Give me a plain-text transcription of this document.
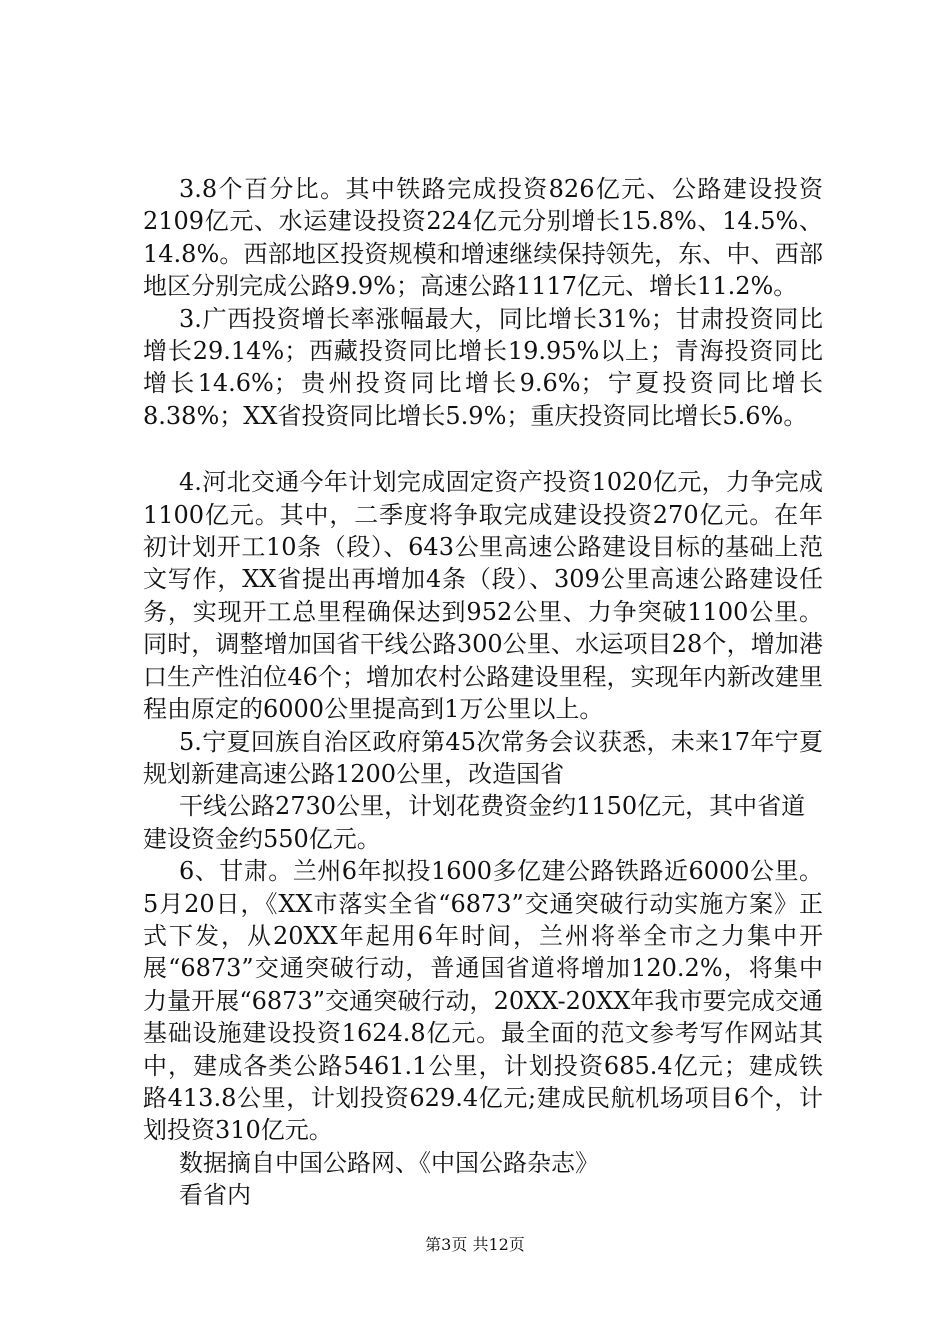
3.8个百分比。其中铁路完成投资826亿元、公路建设投资2109亿元、水运建设投资224亿元分别增长15.8%、14.5%、14.8%。西部地区投资规模和增速继续保持领先，东、中、西部地区分别完成公路9.9%；高速公路1117亿元、增长11.2%。

3.广西投资增长率涨幅最大，同比增长31%；甘肃投资同比增长29.14%；西藏投资同比增长19.95%以上；青海投资同比增长14.6%；贵州投资同比增长9.6%；宁夏投资同比增长8.38%；XX省投资同比增长5.9%；重庆投资同比增长5.6%。

4.河北交通今年计划完成固定资产投资1020亿元，力争完成1100亿元。其中，二季度将争取完成建设投资270亿元。在年初计划开工10条（段）、643公里高速公路建设目标的基础上范文写作，XX省提出再增加4条（段）、309公里高速公路建设任务，实现开工总里程确保达到952公里、力争突破1100公里。同时，调整增加国省干线公路300公里、水运项目28个，增加港口生产性泊位46个；增加农村公路建设里程，实现年内新改建里程由原定的6000公里提高到1万公里以上。

5.宁夏回族自治区政府第45次常务会议获悉，未来17年宁夏规划新建高速公路1200公里，改造国省

干线公路2730公里，计划花费资金约1150亿元，其中省道建设资金约550亿元。

6、甘肃。兰州6年拟投1600多亿建公路铁路近6000公里。5月20日，《XX市落实全省“6873”交通突破行动实施方案》正式下发，从20XX年起用6年时间，兰州将举全市之力集中开展“6873”交通突破行动，普通国省道将增加120.2%，将集中力量开展“6873”交通突破行动，20XX-20XX年我市要完成交通基础设施建设投资1624.8亿元。最全面的范文参考写作网站其中，建成各类公路5461.1公里，计划投资685.4亿元；建成铁路413.8公里，计划投资629.4亿元;建成民航机场项目6个，计划投资310亿元。

数据摘自中国公路网、《中国公路杂志》

看省内

第3页 共12页
